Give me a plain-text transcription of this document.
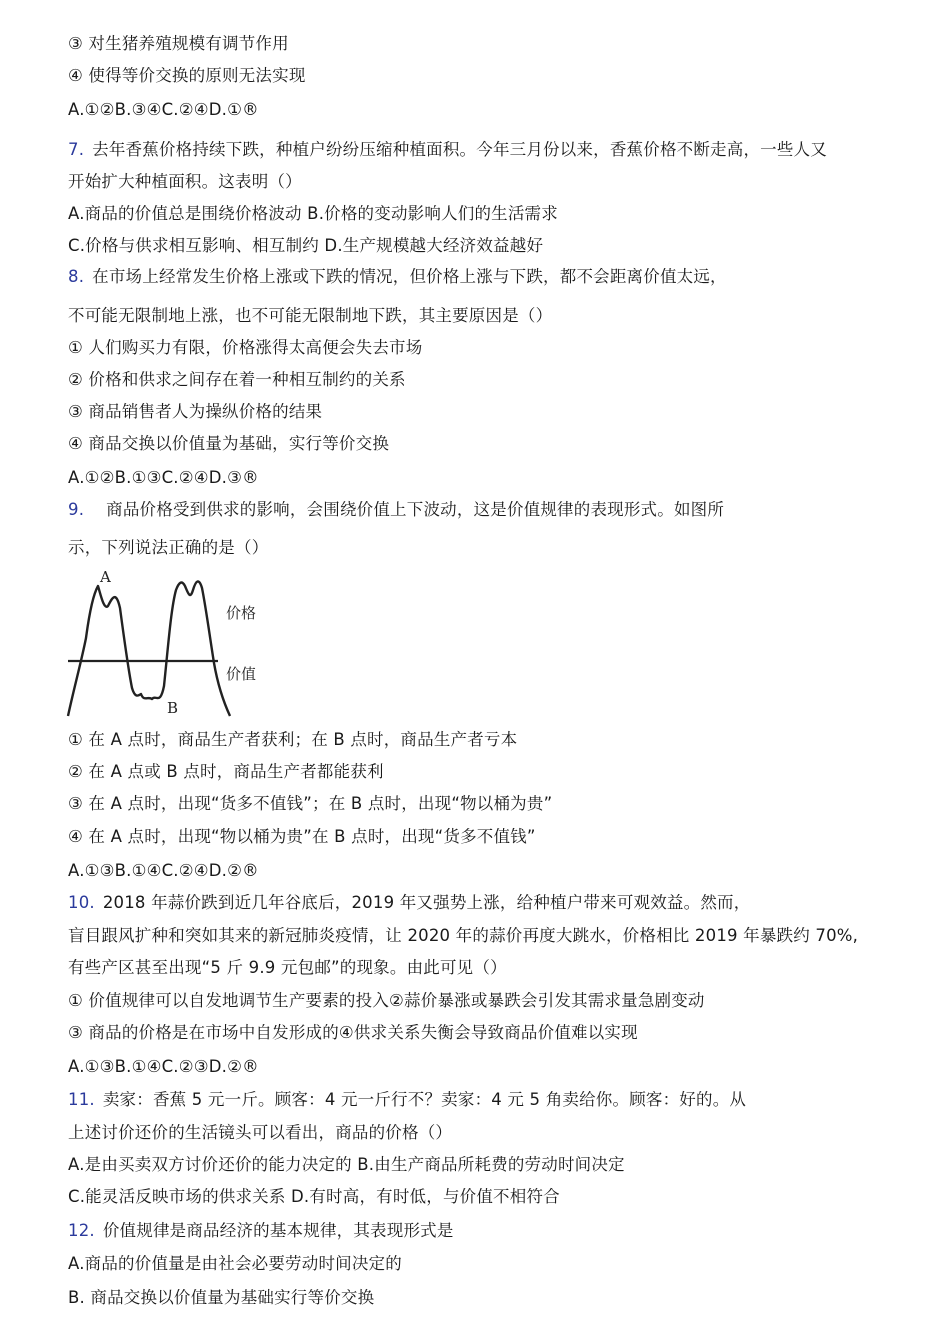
③ 对生猪养殖规模有调节作用
④ 使得等价交换的原则无法实现
A.①②B.③④C.②④D.①®
7. 去年香蕉价格持续下跌，种植户纷纷压缩种植面积。今年三月份以来，香蕉价格不断走高，一些人又
开始扩大种植面积。这表明（）
A.商品的价值总是围绕价格波动 B.价格的变动影响人们的生活需求
C.价格与供求相互影响、相互制约 D.生产规模越大经济效益越好
8. 在市场上经常发生价格上涨或下跌的情况，但价格上涨与下跌，都不会距离价值太远，
不可能无限制地上涨，也不可能无限制地下跌，其主要原因是（）
① 人们购买力有限，价格涨得太高便会失去市场
② 价格和供求之间存在着一种相互制约的关系
③ 商品销售者人为操纵价格的结果
④ 商品交换以价值量为基础，实行等价交换
A.①②B.①③C.②④D.③®
9. 商品价格受到供求的影响，会围绕价值上下波动，这是价值规律的表现形式。如图所
示，下列说法正确的是（）
A
B
价格
价值
① 在 A 点时，商品生产者获利；在 B 点时，商品生产者亏本
② 在 A 点或 B 点时，商品生产者都能获利
③ 在 A 点时，出现“货多不值钱”；在 B 点时，出现“物以桶为贵”
④ 在 A 点时，出现“物以桶为贵”在 B 点时，出现“货多不值钱”
A.①③B.①④C.②④D.②®
10. 2018 年蒜价跌到近几年谷底后，2019 年又强势上涨，给种植户带来可观效益。然而，
盲目跟风扩种和突如其来的新冠肺炎疫情，让 2020 年的蒜价再度大跳水，价格相比 2019 年暴跌约 70%,
有些产区甚至出现“5 斤 9.9 元包邮”的现象。由此可见（）
① 价值规律可以自发地调节生产要素的投入②蒜价暴涨或暴跌会引发其需求量急剧变动
③ 商品的价格是在市场中自发形成的④供求关系失衡会导致商品价值难以实现
A.①③B.①④C.②③D.②®
11. 卖家：香蕉 5 元一斤。顾客：4 元一斤行不？卖家：4 元 5 角卖给你。顾客：好的。从
上述讨价还价的生活镜头可以看出，商品的价格（）
A.是由买卖双方讨价还价的能力决定的 B.由生产商品所耗费的劳动时间决定
C.能灵活反映市场的供求关系 D.有时高，有时低，与价值不相符合
12. 价值规律是商品经济的基本规律，其表现形式是
A.商品的价值量是由社会必要劳动时间决定的
B. 商品交换以价值量为基础实行等价交换
